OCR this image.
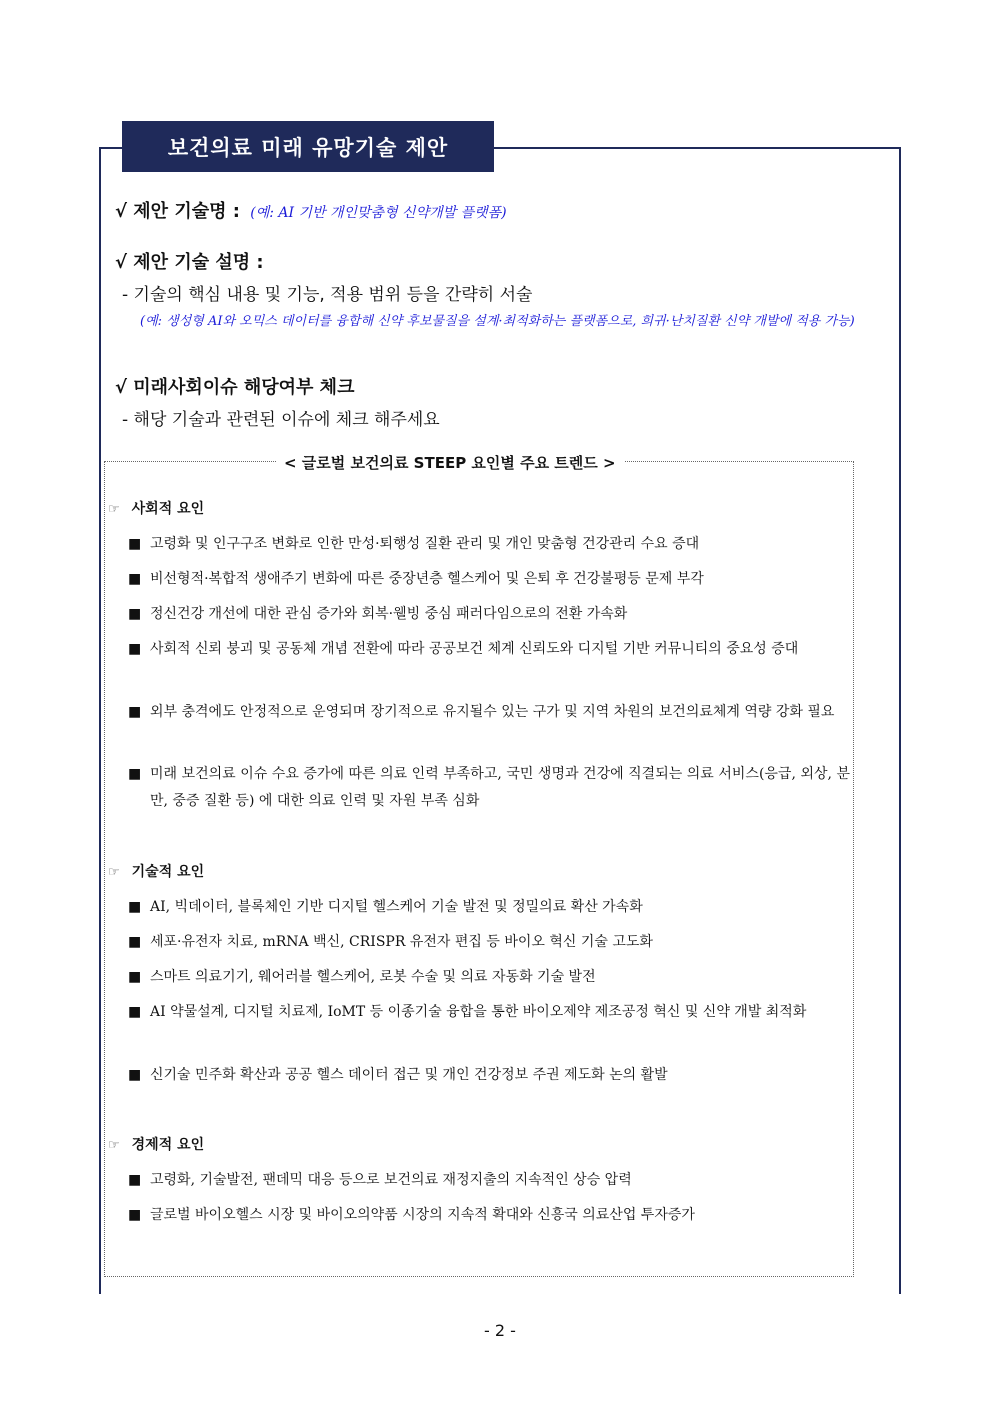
보건의료 미래 유망기술 제안
√ 제안 기술명 : (예: AI 기반 개인맞춤형 신약개발 플랫폼)
√ 제안 기술 설명 :
- 기술의 핵심 내용 및 기능, 적용 범위 등을 간략히 서술
(예: 생성형 AI와 오믹스 데이터를 융합해 신약 후보물질을 설계·최적화하는 플랫폼으로, 희귀·난치질환 신약 개발에 적용 가능)
√ 미래사회이슈 해당여부 체크
- 해당 기술과 관련된 이슈에 체크 해주세요
< 글로벌 보건의료 STEEP 요인별 주요 트렌드 >
☞ 사회적 요인
■ 고령화 및 인구구조 변화로 인한 만성·퇴행성 질환 관리 및 개인 맞춤형 건강관리 수요 증대
■ 비선형적·복합적 생애주기 변화에 따른 중장년층 헬스케어 및 은퇴 후 건강불평등 문제 부각
■ 정신건강 개선에 대한 관심 증가와 회복·웰빙 중심 패러다임으로의 전환 가속화
■ 사회적 신뢰 붕괴 및 공동체 개념 전환에 따라 공공보건 체계 신뢰도와 디지털 기반 커뮤니티의 중요성 증대
■ 외부 충격에도 안정적으로 운영되며 장기적으로 유지될수 있는 구가 및 지역 차원의 보건의료체계 역량 강화 필요
■ 미래 보건의료 이슈 수요 증가에 따른 의료 인력 부족하고, 국민 생명과 건강에 직결되는 의료 서비스(응급, 외상, 분만, 중증 질환 등) 에 대한 의료 인력 및 자원 부족 심화
☞ 기술적 요인
■ AI, 빅데이터, 블록체인 기반 디지털 헬스케어 기술 발전 및 정밀의료 확산 가속화
■ 세포·유전자 치료, mRNA 백신, CRISPR 유전자 편집 등 바이오 혁신 기술 고도화
■ 스마트 의료기기, 웨어러블 헬스케어, 로봇 수술 및 의료 자동화 기술 발전
■ AI 약물설계, 디지털 치료제, IoMT 등 이종기술 융합을 통한 바이오제약 제조공정 혁신 및 신약 개발 최적화
■ 신기술 민주화 확산과 공공 헬스 데이터 접근 및 개인 건강정보 주권 제도화 논의 활발
☞ 경제적 요인
■ 고령화, 기술발전, 팬데믹 대응 등으로 보건의료 재정지출의 지속적인 상승 압력
■ 글로벌 바이오헬스 시장 및 바이오의약품 시장의 지속적 확대와 신흥국 의료산업 투자증가
- 2 -
